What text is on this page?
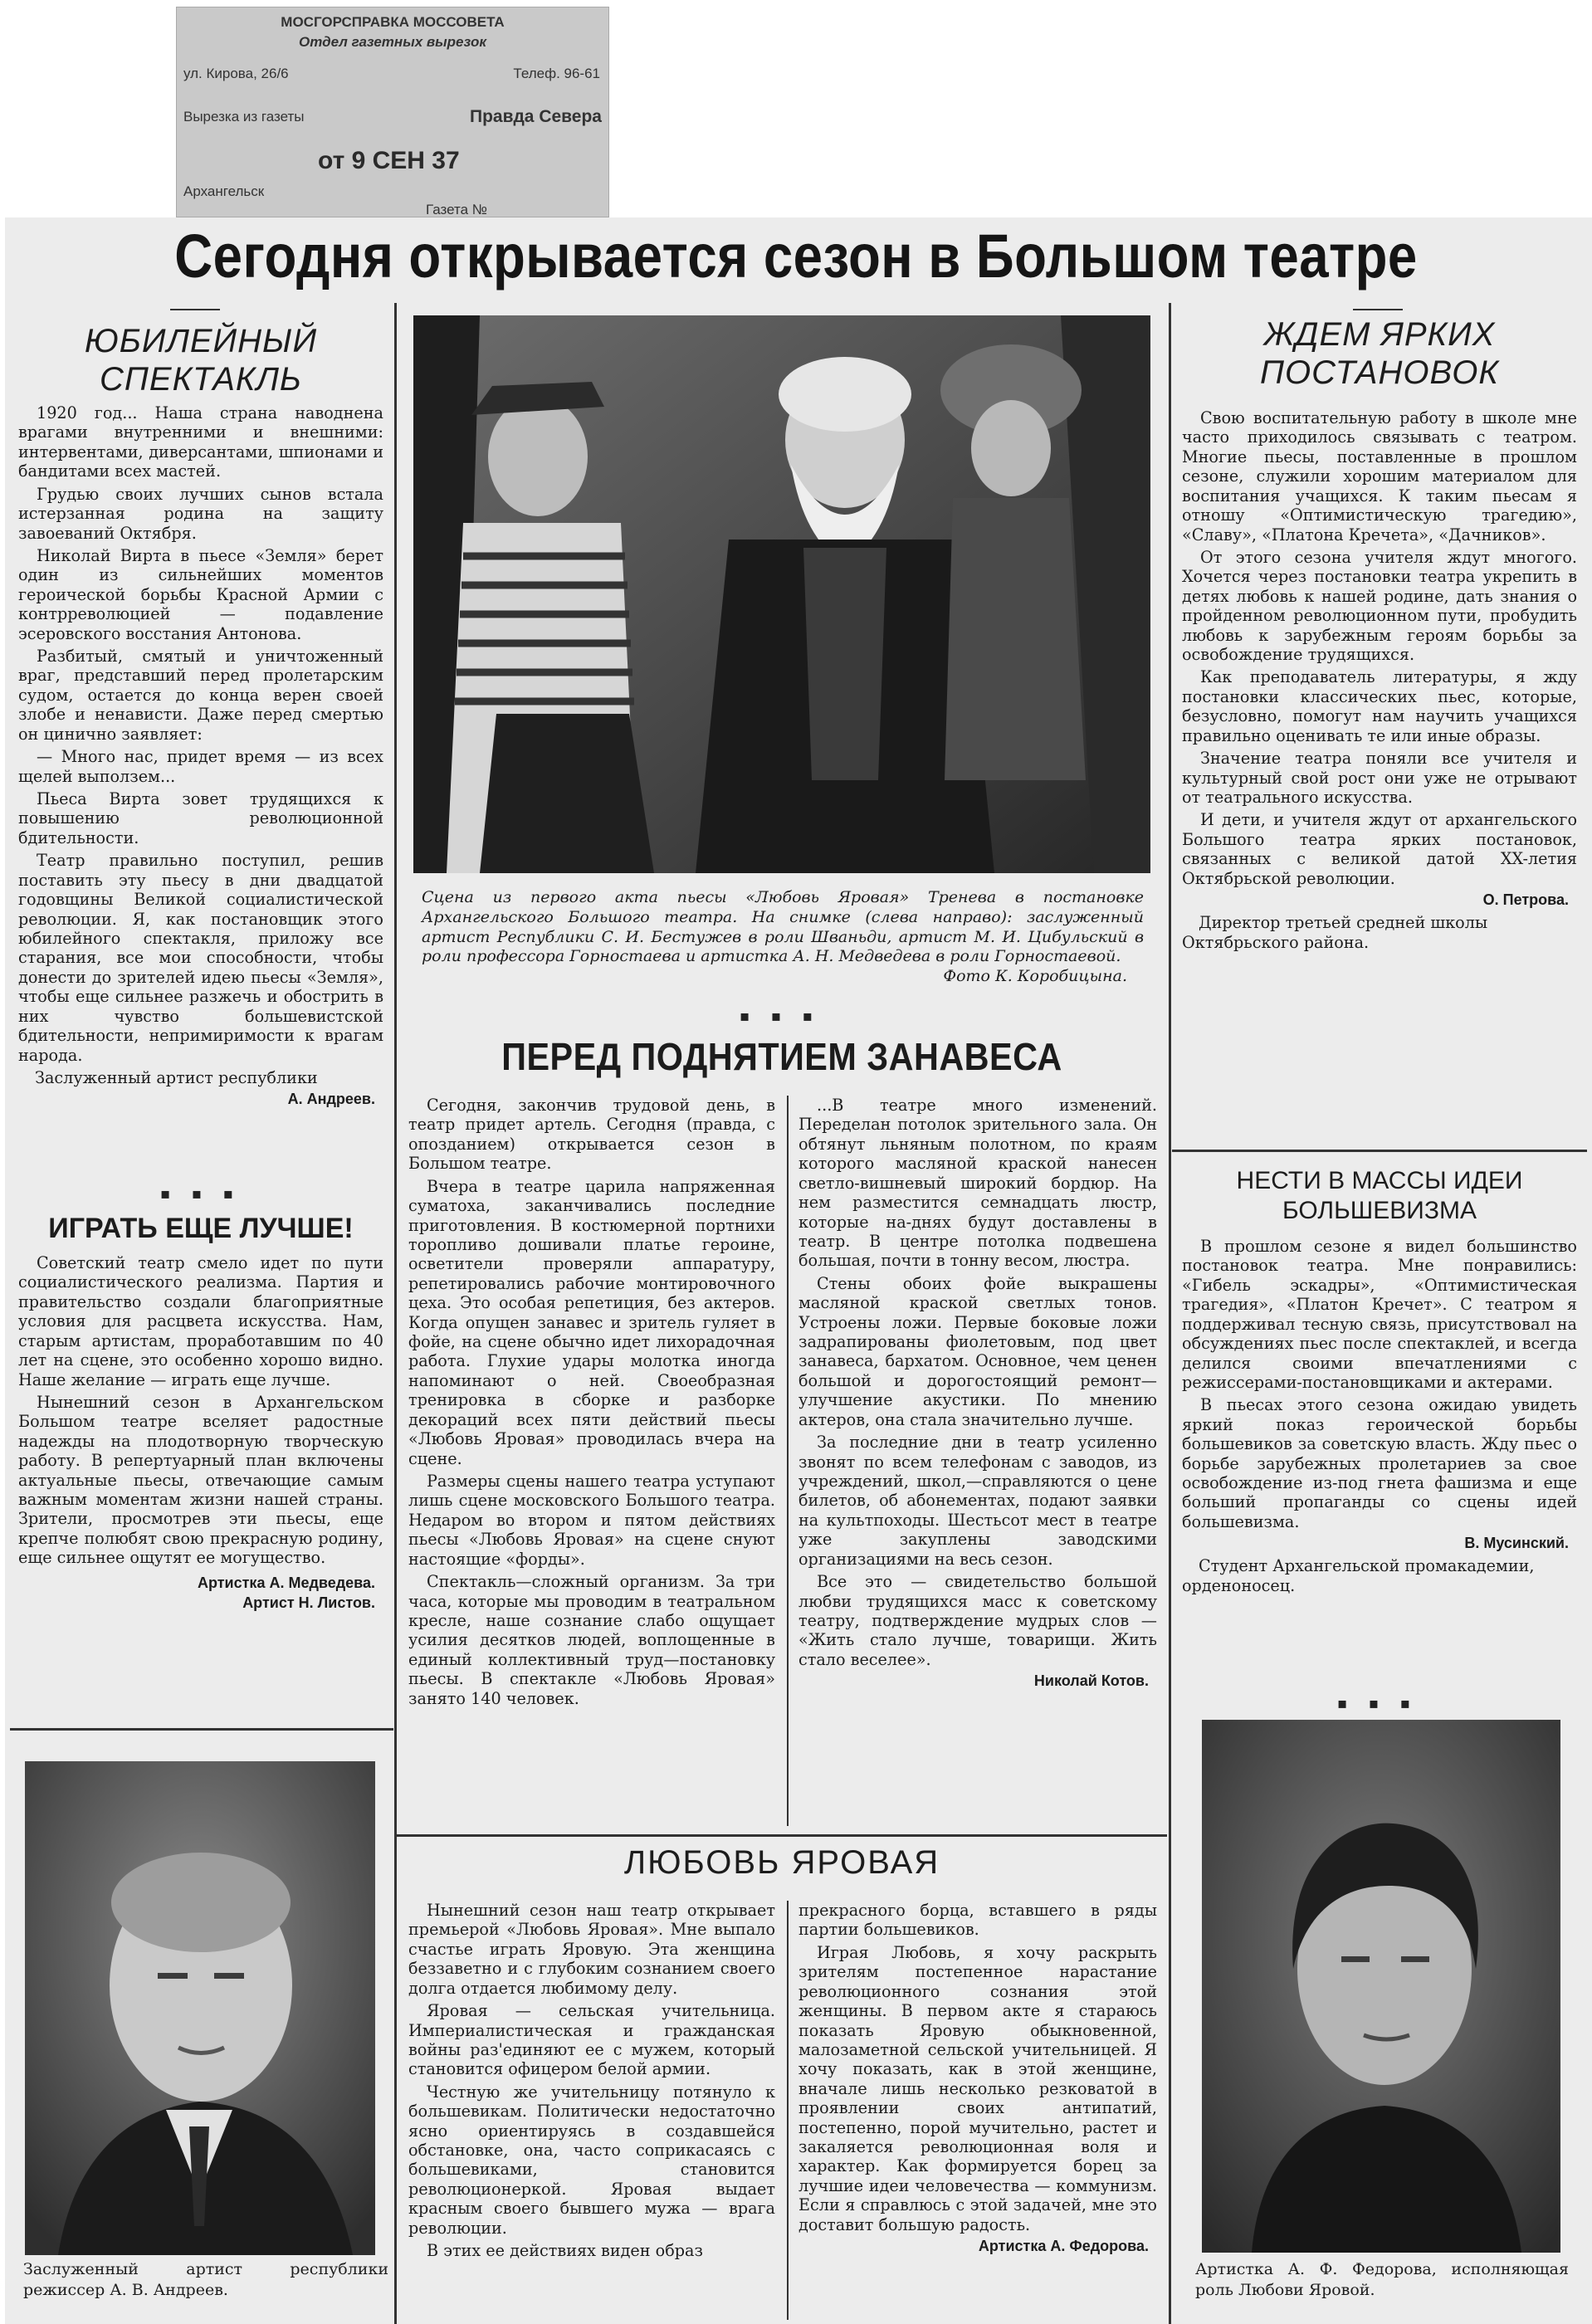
МОСГОРСПРАВКА МОССОВЕТА
Отдел газетных вырезок
ул. Кирова, 26/6	Телеф. 96-61
Вырезка из газеты	Правда Севера
от 9 СЕН 37
Архангельск
Газета №
Сегодня открывается сезон в Большом театре
ЮБИЛЕЙНЫЙ СПЕКТАКЛЬ

1920 год... Наша страна наводнена врагами внутренними и внешними: интервентами, диверсантами, шпионами и бандитами всех мастей.

Грудью своих лучших сынов встала истерзанная родина на защиту завоеваний Октября.

Николай Вирта в пьесе «Земля» берет один из сильнейших моментов героической борьбы Красной Армии с контрреволюцией — подавление эсеровского восстания Антонова.

Разбитый, смятый и уничтоженный враг, представший перед пролетарским судом, остается до конца верен своей злобе и ненависти. Даже перед смертью он цинично заявляет:

— Много нас, придет время — из всех щелей выползем...

Пьеса Вирта зовет трудящихся к повышению революционной бдительности.

Театр правильно поступил, решив поставить эту пьесу в дни двадцатой годовщины Великой социалистической революции. Я, как постановщик этого юбилейного спектакля, приложу все старания, все мои способности, чтобы донести до зрителей идею пьесы «Земля», чтобы еще сильнее разжечь и обострить в них чувство большевистской бдительности, непримиримости к врагам народа.

Заслуженный артист республики

А. Андреев.

▪ ▪ ▪
ИГРАТЬ ЕЩЕ ЛУЧШЕ!

Советский театр смело идет по пути социалистического реализма. Партия и правительство создали благоприятные условия для расцвета искусства. Нам, старым артистам, проработавшим по 40 лет на сцене, это особенно хорошо видно. Наше желание — играть еще лучше.

Нынешний сезон в Архангельском Большом театре вселяет радостные надежды на плодотворную творческую работу. В репертуарный план включены актуальные пьесы, отвечающие самым важным моментам жизни нашей страны. Зрители, просмотрев эти пьесы, еще крепче полюбят свою прекрасную родину, еще сильнее ощутят ее могущество.

Артистка А. Медведева.

Артист Н. Листов.

Заслуженный артист республики режиссер А. В. Андреев.
Сцена из первого акта пьесы «Любовь Яровая» Тренева в постановке Архангельского Большого театра. На снимке (слева направо): заслуженный артист Республики С. И. Бестужев в роли Шваньди, артист М. И. Цибульский в роли профессора Горностаева и артистка А. Н. Медведева в роли Горностаевой.
Фото К. Коробицына.
▪ ▪ ▪
ПЕРЕД ПОДНЯТИЕМ ЗАНАВЕСА

Сегодня, закончив трудовой день, в театр придет артель. Сегодня (правда, с опозданием) открывается сезон в Большом театре.

Вчера в театре царила напряженная суматоха, заканчивались последние приготовления. В костюмерной портнихи торопливо дошивали платье героине, осветители проверяли аппаратуру, репетировались рабочие монтировочного цеха. Это особая репетиция, без актеров. Когда опущен занавес и зритель гуляет в фойе, на сцене обычно идет лихорадочная работа. Глухие удары молотка иногда напоминают о ней. Своеобразная тренировка в сборке и разборке декораций всех пяти действий пьесы «Любовь Яровая» проводилась вчера на сцене.

Размеры сцены нашего театра уступают лишь сцене московского Большого театра. Недаром во втором и пятом действиях пьесы «Любовь Яровая» на сцене снуют настоящие «форды».

Спектакль—сложный организм. За три часа, которые мы проводим в театральном кресле, наше сознание слабо ощущает усилия десятков людей, воплощенные в единый коллективный труд—постановку пьесы. В спектакле «Любовь Яровая» занято 140 человек.

...В театре много изменений. Переделан потолок зрительного зала. Он обтянут льняным полотном, по краям которого масляной краской нанесен светло-вишневый широкий бордюр. На нем разместится семнадцать люстр, которые на-днях будут доставлены в театр. В центре потолка подвешена большая, почти в тонну весом, люстра.

Стены обоих фойе выкрашены масляной краской светлых тонов. Устроены ложи. Первые боковые ложи задрапированы фиолетовым, под цвет занавеса, бархатом. Основное, чем ценен большой и дорогостоящий ремонт—улучшение акустики. По мнению актеров, она стала значительно лучше.

За последние дни в театр усиленно звонят по всем телефонам с заводов, из учреждений, школ,—справляются о цене билетов, об абонементах, подают заявки на культпоходы. Шестьсот мест в театре уже закуплены заводскими организациями на весь сезон.

Все это — свидетельство большой любви трудящихся масс к советскому театру, подтверждение мудрых слов — «Жить стало лучше, товарищи. Жить стало веселее».

Николай Котов.

ЛЮБОВЬ ЯРОВАЯ

Нынешний сезон наш театр открывает премьерой «Любовь Яровая». Мне выпало счастье играть Яровую. Эта женщина беззаветно и с глубоким сознанием своего долга отдается любимому делу.

Яровая — сельская учительница. Империалистическая и гражданская войны раз'единяют ее с мужем, который становится офицером белой армии.

Честную же учительницу потянуло к большевикам. Политически недостаточно ясно ориентируясь в создавшейся обстановке, она, часто соприкасаясь с большевиками, становится революционеркой. Яровая выдает красным своего бывшего мужа — врага революции.

В этих ее действиях виден образ

прекрасного борца, вставшего в ряды партии большевиков.

Играя Любовь, я хочу раскрыть зрителям постепенное нарастание революционного сознания этой женщины. В первом акте я стараюсь показать Яровую обыкновенной, малозаметной сельской учительницей. Я хочу показать, как в этой женщине, вначале лишь несколько резковатой в проявлении своих антипатий, постепенно, порой мучительно, растет и закаляется революционная воля и характер. Как формируется борец за лучшие идеи человечества — коммунизм. Если я справлюсь с этой задачей, мне это доставит большую радость.

Артистка А. Федорова.

ЖДЕМ ЯРКИХ ПОСТАНОВОК

Свою воспитательную работу в школе мне часто приходилось связывать с театром. Многие пьесы, поставленные в прошлом сезоне, служили хорошим материалом для воспитания учащихся. К таким пьесам я отношу «Оптимистическую трагедию», «Славу», «Платона Кречета», «Дачников».

От этого сезона учителя ждут многого. Хочется через постановки театра укрепить в детях любовь к нашей родине, дать знания о пройденном революционном пути, пробудить любовь к зарубежным героям борьбы за освобождение трудящихся.

Как преподаватель литературы, я жду постановки классических пьес, которые, безусловно, помогут нам научить учащихся правильно оценивать те или иные образы.

Значение театра поняли все учителя и культурный свой рост они уже не отрывают от театрального искусства.

И дети, и учителя ждут от архангельского Большого театра ярких постановок, связанных с великой датой XX-летия Октябрьской революции.

О. Петрова.

Директор третьей средней школы Октябрьского района.

НЕСТИ В МАССЫ ИДЕИ БОЛЬШЕВИЗМА

В прошлом сезоне я видел большинство постановок театра. Мне понравились: «Гибель эскадры», «Оптимистическая трагедия», «Платон Кречет». С театром я поддерживал тесную связь, присутствовал на обсуждениях пьес после спектаклей, и всегда делился своими впечатлениями с режиссерами-постановщиками и актерами.

В пьесах этого сезона ожидаю увидеть яркий показ героической борьбы большевиков за советскую власть. Жду пьес о борьбе зарубежных пролетариев за свое освобождение из-под гнета фашизма и еще больший пропаганды со сцены идей большевизма.

В. Мусинский.

Студент Архангельской промакадемии, орденоносец.

▪ ▪ ▪
Артистка А. Ф. Федорова, исполняющая роль Любови Яровой.
